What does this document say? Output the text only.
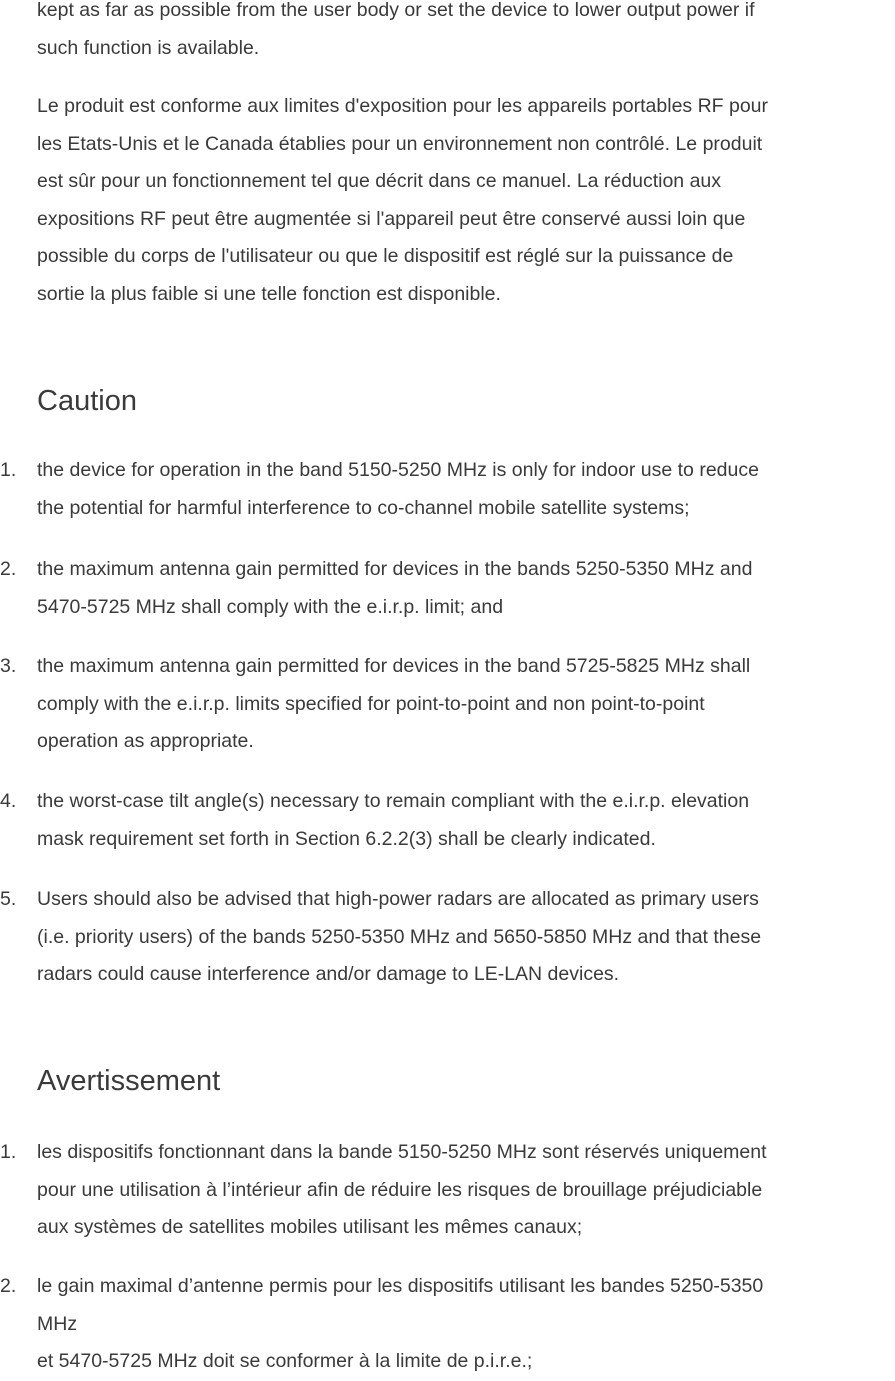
kept as far as possible from the user body or set the device to lower output power if
such function is available.

Le produit est conforme aux limites d'exposition pour les appareils portables RF pour
les Etats-Unis et le Canada établies pour un environnement non contrôlé. Le produit
est sûr pour un fonctionnement tel que décrit dans ce manuel. La réduction aux
expositions RF peut être augmentée si l'appareil peut être conservé aussi loin que
possible du corps de l'utilisateur ou que le dispositif est réglé sur la puissance de
sortie la plus faible si une telle fonction est disponible.

Caution
1.	the device for operation in the band 5150-5250 MHz is only for indoor use to reduce
the potential for harmful interference to co-channel mobile satellite systems;

2.	the maximum antenna gain permitted for devices in the bands 5250-5350 MHz and
5470-5725 MHz shall comply with the e.i.r.p. limit; and

3.	the maximum antenna gain permitted for devices in the band 5725-5825 MHz shall
comply with the e.i.r.p. limits specified for point-to-point and non point-to-point
operation as appropriate.

4.	the worst-case tilt angle(s) necessary to remain compliant with the e.i.r.p. elevation
mask requirement set forth in Section 6.2.2(3) shall be clearly indicated.

5.	Users should also be advised that high-power radars are allocated as primary users
(i.e. priority users) of the bands 5250-5350 MHz and 5650-5850 MHz and that these
radars could cause interference and/or damage to LE-LAN devices.

Avertissement
1.	les dispositifs fonctionnant dans la bande 5150-5250 MHz sont réservés uniquement
pour une utilisation à l’intérieur afin de réduire les risques de brouillage préjudiciable
aux systèmes de satellites mobiles utilisant les mêmes canaux;

2.	le gain maximal d’antenne permis pour les dispositifs utilisant les bandes 5250-5350
MHz
et 5470-5725 MHz doit se conformer à la limite de p.i.r.e.;
